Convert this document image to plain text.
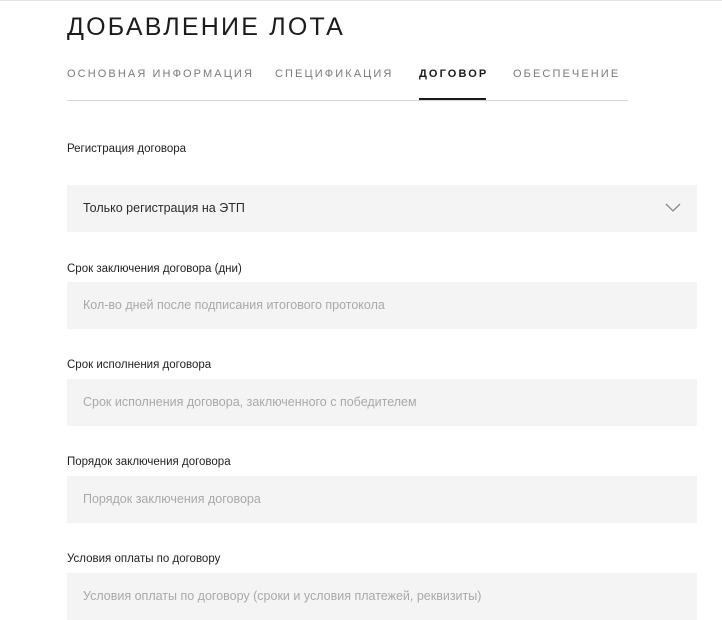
ДОБАВЛЕНИЕ ЛОТА
ОСНОВНАЯ ИНФОРМАЦИЯ СПЕЦИФИКАЦИЯ ДОГОВОР ОБЕСПЕЧЕНИЕ
Регистрация договора
Только регистрация на ЭТП
Срок заключения договора (дни)
Кол-во дней после подписания итогового протокола
Срок исполнения договора
Срок исполнения договора, заключенного с победителем
Порядок заключения договора
Порядок заключения договора
Условия оплаты по договору
Условия оплаты по договору (сроки и условия платежей, реквизиты)
